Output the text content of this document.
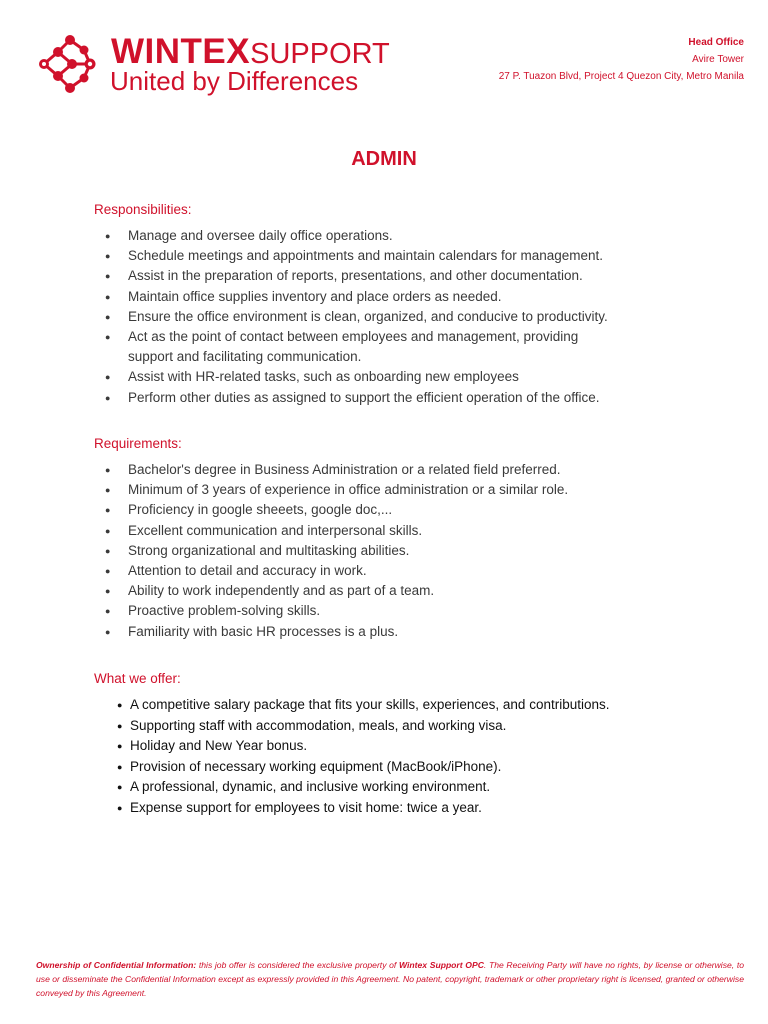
WINTEXSUPPORT
United by Differences
Head Office
Avire Tower
27 P. Tuazon Blvd, Project 4 Quezon City, Metro Manila
ADMIN
Responsibilities:
● Manage and oversee daily office operations.
● Schedule meetings and appointments and maintain calendars for management.
● Assist in the preparation of reports, presentations, and other documentation.
● Maintain office supplies inventory and place orders as needed.
● Ensure the office environment is clean, organized, and conducive to productivity.
● Act as the point of contact between employees and management, providing support and facilitating communication.
● Assist with HR-related tasks, such as onboarding new employees
● Perform other duties as assigned to support the efficient operation of the office.
Requirements:
● Bachelor's degree in Business Administration or a related field preferred.
● Minimum of 3 years of experience in office administration or a similar role.
● Proficiency in google sheeets, google doc,...
● Excellent communication and interpersonal skills.
● Strong organizational and multitasking abilities.
● Attention to detail and accuracy in work.
● Ability to work independently and as part of a team.
● Proactive problem-solving skills.
● Familiarity with basic HR processes is a plus.
What we offer:
● A competitive salary package that fits your skills, experiences, and contributions.
● Supporting staff with accommodation, meals, and working visa.
● Holiday and New Year bonus.
● Provision of necessary working equipment (MacBook/iPhone).
● A professional, dynamic, and inclusive working environment.
● Expense support for employees to visit home: twice a year.
Ownership of Confidential Information: this job offer is considered the exclusive property of Wintex Support OPC. The Receiving Party will have no rights, by license or otherwise, to use or disseminate the Confidential Information except as expressly provided in this Agreement. No patent, copyright, trademark or other proprietary right is licensed, granted or otherwise conveyed by this Agreement.
